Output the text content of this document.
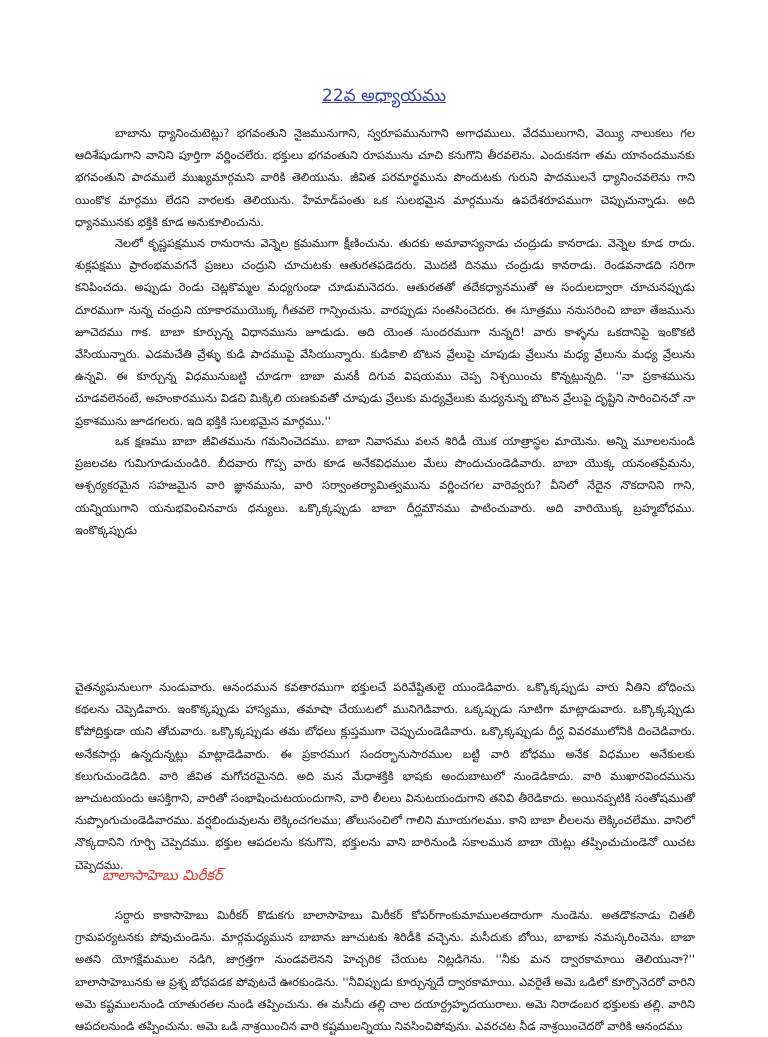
22వ అధ్యాయము

బాబాను ధ్యానించుటెట్లు? భగవంతుని నైజమునుగాని, స్వరూపమునుగాని అగాధములు. వేదములుగాని, వెయ్యి నాలుకలు గల ఆదిశేషుడుగాని వానిని పూర్తిగా వర్ణించలేరు. భక్తులు భగవంతుని రూపమును చూచి కనుగొని తీరవలెను. ఎందుకనగా తమ యానందమునకు భగవంతుని పాదములే ముఖ్యమార్గమని వారికి తెలియును. జీవిత పరమార్థమును పొందుటకు గురుని పాదములనే ధ్యానించవలెను గాని యింకొక మార్గము లేదని వారలకు తెలియును. హేమాడ్‌పంతు ఒక సులభమైన మార్గమును ఉపదేశరూపముగా చెప్పుచున్నాడు. అది ధ్యానమునకు భక్తికి కూడ అనుకూలించును.

నెలలో కృష్ణపక్షమున రానురాను వెన్నెల క్రమముగా క్షీణించును. తుదకు అమావాస్యనాడు చంద్రుడు కానరాడు. వెన్నెల కూడ రాదు. శుక్లపక్షము ప్రారంభమవగనే ప్రజలు చంద్రుని చూచుటకు ఆతురతపడెదరు. మొదటి దినము చంద్రుడు కానరాడు. రెండవనాడది సరిగా కనిపించదు. అప్పుడు రెండు చెట్లకొమ్మల మధ్యగుండా చూడుమనెదరు. ఆతురతతో తదేకధ్యానముతో ఆ సందులద్వారా చూచునప్పుడు దూరముగా నున్న చంద్రుని యాకారముయొక్క గీతవలె గాన్పించును. వారప్పుడు సంతసించెదరు. ఈ సూత్రము ననుసరించి బాబా తేజమును జూచెదము గాక. బాబా కూర్చున్న విధానమును జూడుడు. అది యెంత సుందరముగా నున్నది! వారు కాళ్ళను ఒకదానిపై ఇంకొకటి వేసియున్నారు. ఎడమచేతి వ్రేళ్ళు కుడి పాదముపై వేసియున్నారు. కుడికాలి బొటన వ్రేలుపై చూపుడు వ్రేలును మధ్య వ్రేలును మధ్య వ్రేలును ఉన్నవి. ఈ కూర్చున్న విధమునుబట్టి చూడగా బాబా మనకీ దిగువ విషయము చెప్ప నిశ్చయించు కొన్నట్లున్నది. ''నా ప్రకాశమును చూడవలెనంటే, అహంకారమును విడచి మిక్కిలి యణకువతో చూపుడు వ్రేలుకు మధ్యవ్రేలుకు మధ్యనున్న బొటన వ్రేలుపై దృష్టిని సారించినచో నా ప్రకాశమును జూడగలరు. ఇది భక్తికి సులభమైన మార్గము.''

ఒక క్షణము బాబా జీవితమును గమనించెదము. బాబా నివాసము వలన శిరిడీ యొక యాత్రాస్థల మాయెను. అన్ని మూలలనుండి ప్రజలచట గుమిగూడుచుండిరి. బీదవారు గొప్ప వారు కూడ అనేకవిధముల మేలు పొందుచుండెడివారు. బాబా యొక్క యనంతప్రేమను, ఆశ్చర్యకరమైన సహజమైన వారి జ్ఞానమును, వారి సర్వాంతర్యామిత్వమును వర్ణించగల వారెవ్వరు? వీనిలో నేదైన నొకదానిని గాని, యన్నియుగాని యనుభవించినవారు ధన్యులు. ఒక్కొక్కప్పుడు బాబా దీర్ఘమౌనము పాటించువారు. అది వారియొక్క బ్రహ్మబోధము. ఇంకొక్కప్పుడు

చైతన్యఘనులుగా నుండువారు. ఆనందమున కవతారముగా భక్తులచే పరివేష్టితులై యుండెడివారు. ఒక్కొక్కప్పుడు వారు నీతిని బోధించు కథలను చెప్పెడివారు. ఇంకొక్కప్పుడు హాస్యము, తమాషా చేయుటలో మునిగెడివారు. ఒక్కప్పుడు సూటిగా మాట్లాడువారు. ఒక్కొక్కప్పుడు కోపోద్రిక్తుడా యని తోచువారు. ఒక్కొక్కప్పుడు తమ బోధలు క్లుప్తముగా చెప్పుచుండెడివారు. ఒక్కొక్కప్పుడు దీర్ఘ వివరములోనికి దించెడివారు. అనేకసార్లు ఉన్నదున్నట్లు మాట్లాడెడివారు. ఈ ప్రకారముగ సందర్భానుసారముల బట్టి వారి బోధము అనేక విధముల అనేకులకు కలుగుచుండెడిది. వారి జీవిత మగోచరమైనది. అది మన మేధాశక్తికి భాషకు అందుబాటులో నుండెడికాదు. వారి ముఖారవిందమును జూచుటయందు ఆసక్తిగాని, వారితో సంభాషించుటయందుగాని, వారి లీలలు వినుటయందుగాని తనివి తీరెడికాదు. అయినప్పటికి సంతోషముతో నుప్పొంగుచుండెడివారము. వర్షబిందువులను లెక్కించగలము; తోలుసంచిలో గాలిని మూయగలము. కాని బాబా లీలలను లెక్కించలేము. వానిలో నొక్కదానిని గూర్చి చెప్పెదము. భక్తుల ఆపదలను కనుగొని, భక్తులను వాని బారినుండి సకాలమున బాబా యెట్లు తప్పించుచుండెనో యిచట చెప్పెదము.

బాలాసాహెబు మిరీకర్

సర్దారు కాకాసాహెబు మిరీకర్ కొడుకగు బాలాసాహెబు మిరీకర్ కోపర్‌గాంకుమాములతదారుగా నుండెను. అతడొకనాడు చితలీ గ్రామపర్యటనకు పోవుచుండెను. మార్గమధ్యమున బాబాను జూచుటకు శిరిడీకి వచ్చెను. మసీదుకు బోయి, బాబాకు నమస్కరించెను. బాబా అతని యోగక్షేమముల నడిగి, జాగ్రత్తగా నుండవలెనని హెచ్చరిక చేయుట నిట్లడిగెను. ''నీకు మన ద్వారకామాయి తెలియునా?'' బాలాసాహెబునకు ఆ ప్రశ్న బోధపడక పోవుటచే ఊరకుండెను. ''నీవిప్పుడు కూర్చున్నదే ద్వారకామాయి. ఎవరైతే అమె ఒడిలో కూర్చొనెదరో వారిని అమె కష్టములనుండి యాతురతల నుండి తప్పించును. ఈ మసీదు తల్లి చాల దయార్ద్రహృదయురాలు. అమె నిరాడంబర భక్తులకు తల్లి. వారిని ఆపదలనుండి తప్పించును. అమె ఒడి నాశ్రయించిన వారి కష్టములన్నియు నివసించిపోవును. ఎవరచట నీడ నాశ్రయించెదరో వారికి ఆనందము
